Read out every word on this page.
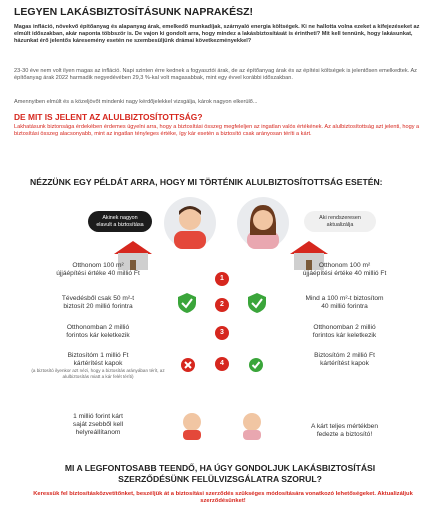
LEGYEN LAKÁSBIZTOSÍTÁSUNK NAPRAKÉSZ!
Magas infláció, növekvő építőanyag és alapanyag árak, emelkedő munkadíjak, szárnyaló energia költségek. Ki ne hallotta volna ezeket a kifejezéseket az elmúlt időszakban, akár naponta többször is. De vajon ki gondolt arra, hogy mindez a lakásbiztosítását is érintheti? Mit kell tennünk, hogy lakásunkat, házunkat érő jelentős káresemény esetén ne szembesüljünk drámai következményekkel?
23-30 éve nem volt ilyen magas az infláció. Napi szinten érre kednek a fogyasztói árak, de az építőanyag árak és az építési költségek is jelentősen emelkedtek. Az építőanyag árak 2022 harmadik negyedévében 29,3 %-kal volt magasabbak, mint egy évvel korábbi időszakban.
Amennyiben elmúlt és a közeljövőt mindenki nagy kérdőjelekkel vizsgálja, károk nagyon elkerülő...
DE MIT IS JELENT AZ ALULBIZTOSÍTOTTSÁG?
Lakhatásunk biztonsága érdekében érdemes ügyelni arra, hogy a biztosítási összeg megfeleljen az ingatlan valós értékének. Az alulbiztosítottság azt jelenti, hogy a biztosítási összeg alacsonyabb, mint az ingatlan tényleges értéke, így kár esetén a biztosító csak arányosan téríti a kárt.
NÉZZÜNK EGY PÉLDÁT ARRA, HOGY MI TÖRTÉNIK ALULBIZTOSÍTOTTSÁG ESETÉN:
Akinek nagyon elavult a biztosítása
Aki rendszeresen aktualizálja
Otthonom 100 m²
újjáépítési értéke 40 millió Ft
Otthonom 100 m²
újjáépítési értéke 40 millió Ft
1
Tévedésből csak 50 m²-t
biztosít 20 millió forintra
Mind a 100 m²-t biztosítom
40 millió forintra
2
Otthonomban 2 millió
forintos kár keletkezik
Otthonomban 2 millió
forintos kár keletkezik
3
Biztosítóm 1 millió Ft
kártérítést kapok
(a biztosító ilyenkor azt nézi, hogy a biztosítás arányában térít, az alulbiztosítás miatt a kár felét téríti)
Biztosítóm 2 millió Ft
kártérítést kapok
4
1 millió forint kárt
saját zsebből kell
helyreállítanom
A kárt teljes mértékben
fedezte a biztosító!
MI A LEGFONTOSABB TEENDŐ, HA ÚGY GONDOLJUK LAKÁSBIZTOSÍTÁSI SZERZŐDÉSÜNK FELÜLVIZSGÁLATRA SZORUL?
Keressük fel biztosításközvetítőnket, beszéljük át a biztosítási szerződés szükséges módosítására vonatkozó lehetőségeket. Aktualizáljuk szerződésünket!
